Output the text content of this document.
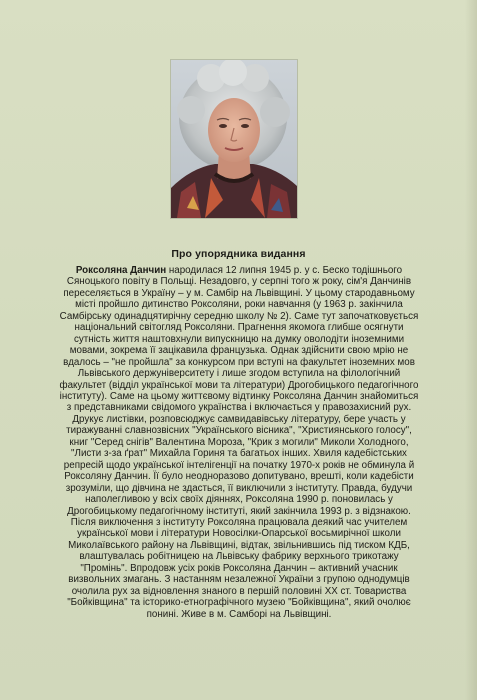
Про упорядника видання

Роксоляна Данчин народилася 12 липня 1945 р. у с. Беско тодішнього Сяноцького повіту в Польщі. Незадовго, у серпні того ж року, сім'я Данчинів переселяється в Україну – у м. Самбір на Львівщині. У цьому стародавньому місті пройшло дитинство Роксоляни, роки навчання (у 1963 р. закінчила Самбірську одинадцятирічну середню школу № 2). Саме тут започатковується національний світогляд Роксоляни. Прагнення якомога глибше осягнути сутність життя наштовхнули випускницю на думку оволодіти іноземними мовами, зокрема її зацікавила французька. Однак здійснити свою мрію не вдалось – "не пройшла" за конкурсом при вступі на факультет іноземних мов Львівського держуніверситету і лише згодом вступила на філологічний факультет (відділ української мови та літератури) Дрогобицького педагогічного інституту). Саме на цьому життєвому відтинку Роксоляна Данчин знайомиться з представниками свідомого українства і включається у правозахисний рух. Друкує листівки, розповсюджує самвидавівську літературу, бере участь у тиражуванні славнозвісних "Українського вісника", "Християнського голосу", книг "Серед снігів" Валентина Мороза, "Крик з могили" Миколи Холодного, "Листи з-за ґрат" Михайла Гориня та багатьох інших. Хвиля кадебістських репресій щодо української інтелігенції на початку 1970-х років не обминула й Роксоляну Данчин. Її було неодноразово допитувано, врешті, коли кадебісти зрозуміли, що дівчина не здасться, її виключили з інституту. Правда, будучи наполегливою у всіх своїх діяннях, Роксоляна 1990 р. поновилась у Дрогобицькому педагогічному інституті, який закінчила 1993 р. з відзнакою. Після виключення з інституту Роксоляна працювала деякий час учителем української мови і літератури Новосілки-Опарської восьмирічної школи Миколаївського району на Львівщині, відтак, звільнившись під тиском КДБ, влаштувалась робітницею на Львівську фабрику верхнього трикотажу "Промінь". Впродовж усіх років Роксоляна Данчин – активний учасник визвольних змагань. З настанням незалежної України з групою однодумців очолила рух за відновлення знаного в першій половині ХХ ст. Товариства "Бойківщина" та історико-етнографічного музею "Бойківщина", який очолює понині. Живе в м. Самборі на Львівщині.
